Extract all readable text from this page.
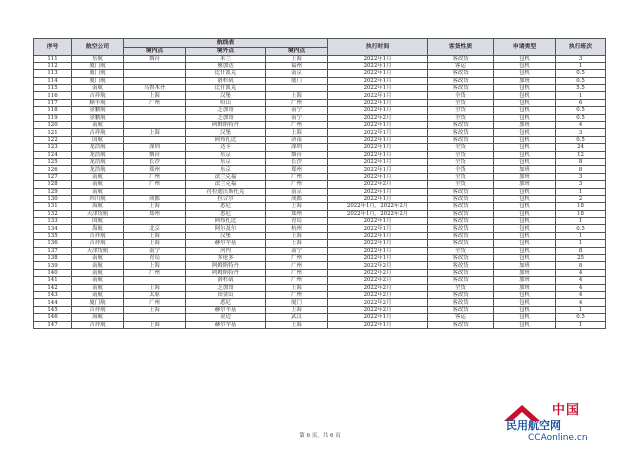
序号	航空公司	航线表			执行时间	客货性质	申请类型	执行班次
		境内点	境外点	境内点				
111	东航	烟台	米兰	上海	2022年1月	客改货	包机	3
112	厦门航		雅加达	福州	2022年1月	客运	包机	1
113	厦门航		比什凯克	南京	2022年1月	客改货	包机	0.5
114	厦门航		洛杉矶	厦门	2022年1月	客改货	加班	0.5
115	南航	乌鲁木齐	比什凯克		2022年1月	客改货	包机	5.5
116	吉祥航	上海	汉堡	上海	2022年1月	全货	包机	1
117	顺丰航	广州	哈山	广州	2022年1月	全货	包机	6
118	金鹏航		芝加哥	南宁	2022年1月	全货	包机	0.5
119	金鹏航		芝加哥	南宁	2022年2月	全货	包机	0.5
120	南航		阿姆斯特丹	广州	2022年1月	客改货	加班	4
121	吉祥航	上海	汉堡	上海	2022年1月	客改货	包机	3
122	国航		阿布扎比	济南	2022年1月	客改货	包机	0.5
123	龙浩航	深圳	达卡	深圳	2022年1月	全货	包机	24
124	龙浩航	烟台	东京	烟台	2022年1月	全货	包机	12
125	龙浩航	长沙	东京	长沙	2022年1月	全货	包机	8
126	龙浩航	郑州	东京	郑州	2022年1月	全货	加班	8
127	南航	广州	法兰克福	广州	2022年1月	全货	加班	3
128	南航	广州	法兰克福	广州	2022年2月	全货	加班	3
129	南航		符拉迪沃斯托克	南京	2022年1月	客改货	包机	1
130	四川航	成都	拉合尔	成都	2022年1月	客改货	包机	2
131	海航	上海	悉尼	上海	2022年1月，2022年2月	客改货	包机	18
132	天津货航	郑州	悉尼	郑州	2022年1月，2022年2月	客改货	包机	18
133	国航		阿布扎比	青岛	2022年1月	客改货	包机	1
134	海航	北京	阿尔及尔	杭州	2022年1月	客改货	包机	0.5
135	吉祥航	上海	汉堡	上海	2022年1月	客改货	包机	1
136	吉祥航	上海	赫尔辛基	上海	2022年1月	客改货	包机	1
137	天津货航	南宁	河内	南宁	2022年1月	全货	包机	8
138	南航	青岛	多伦多	广州	2022年1月	客改货	包机	25
139	南航	上海	阿姆斯特丹	广州	2022年2月	客改货	加班	8
140	南航	广州	阿姆斯特丹	广州	2022年2月	客改货	加班	4
141	南航		洛杉矶	广州	2022年2月	客改货	加班	4
142	南航	上海	芝加哥	上海	2022年2月	全货	加班	4
143	南航	太原	田金山	广州	2022年2月	客改货	包机	4
144	厦门航	广州	悉尼	厦门	2022年2月	客改货	包机	4
145	吉祥航	上海	赫尔辛基	上海	2022年2月	客改货	包机	1
146	海航		金边	武汉	2022年1月	客运	包机	0.5
147	吉祥航	上海	赫尔辛基	上海	2022年1月	客改货	包机	1
第 6 页，共 6 页
中国
民用航空网
CCAonline.cn
